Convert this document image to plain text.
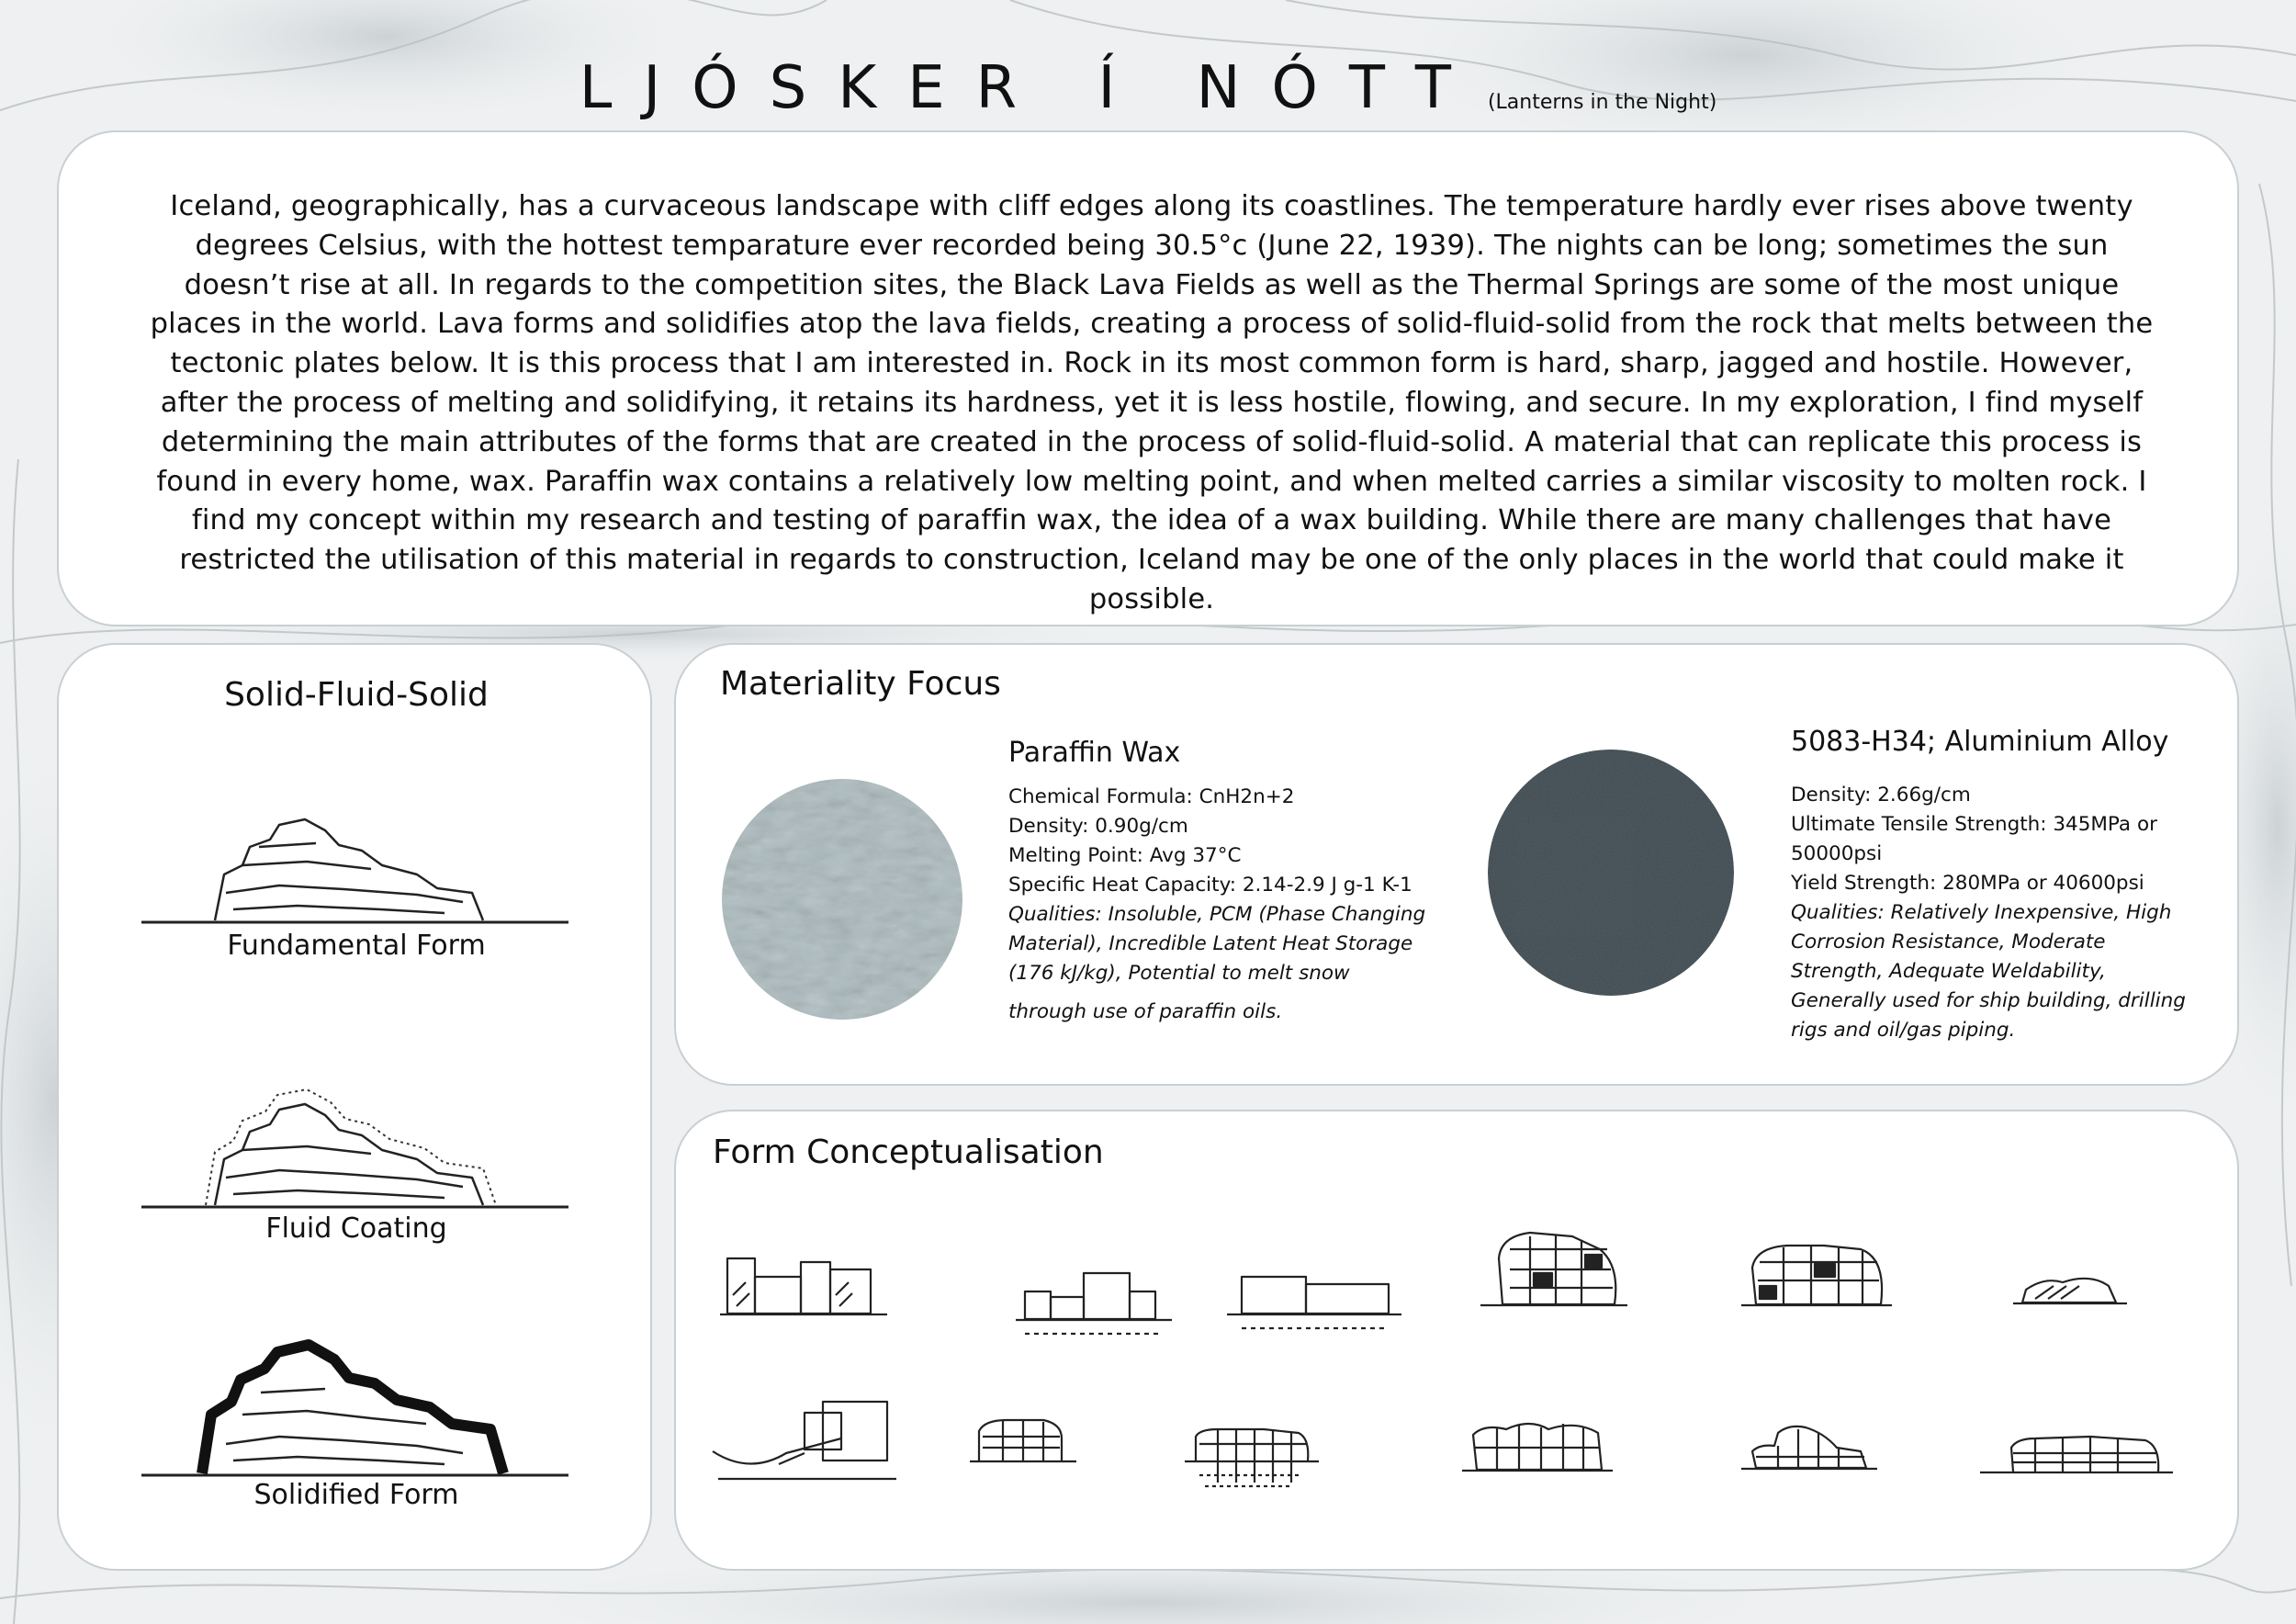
LJÓSKER Í NÓTT (Lanterns in the Night)
Iceland, geographically, has a curvaceous landscape with cliff edges along its coastlines. The temperature hardly ever rises above twenty degrees Celsius, with the hottest temparature ever recorded being 30.5°c (June 22, 1939). The nights can be long; sometimes the sun doesn’t rise at all. In regards to the competition sites, the Black Lava Fields as well as the Thermal Springs are some of the most unique places in the world. Lava forms and solidifies atop the lava fields, creating a process of solid-fluid-solid from the rock that melts between the tectonic plates below. It is this process that I am interested in. Rock in its most common form is hard, sharp, jagged and hostile. However, after the process of melting and solidifying, it retains its hardness, yet it is less hostile, flowing, and secure. In my exploration, I find myself determining the main attributes of the forms that are created in the process of solid-fluid-solid. A material that can replicate this process is found in every home, wax. Paraffin wax contains a relatively low melting point, and when melted carries a similar viscosity to molten rock. I find my concept within my research and testing of paraffin wax, the idea of a wax building. While there are many challenges that have restricted the utilisation of this material in regards to construction, Iceland may be one of the only places in the world that could make it possible.
Solid-Fluid-Solid
Fundamental Form
Fluid Coating
Solidified Form
Materiality Focus
Paraffin Wax
Chemical Formula: CnH2n+2
Density: 0.90g/cm
Melting Point: Avg 37°C
Specific Heat Capacity: 2.14-2.9 J g-1 K-1
Qualities: Insoluble, PCM (Phase Changing Material), Incredible Latent Heat Storage (176 kJ/kg), Potential to melt snow
through use of paraffin oils.
5083-H34; Aluminium Alloy
Density: 2.66g/cm
Ultimate Tensile Strength: 345MPa or 50000psi
Yield Strength: 280MPa or 40600psi
Qualities: Relatively Inexpensive, High Corrosion Resistance, Moderate Strength, Adequate Weldability, Generally used for ship building, drilling rigs and oil/gas piping.
Form Conceptualisation
